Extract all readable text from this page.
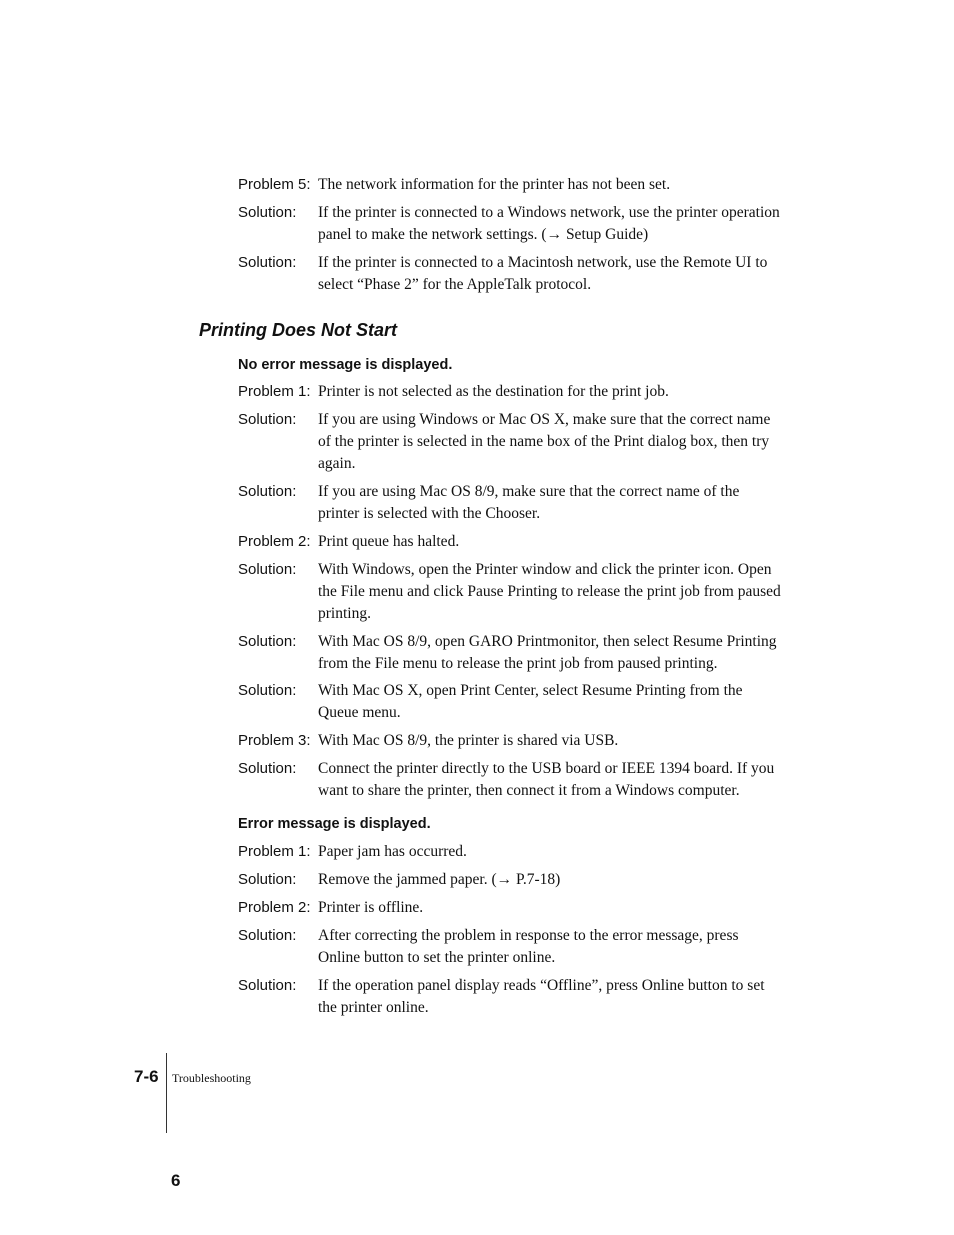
Problem 5: The network information for the printer has not been set.
Solution: If the printer is connected to a Windows network, use the printer operation panel to make the network settings. (→ Setup Guide)
Solution: If the printer is connected to a Macintosh network, use the Remote UI to select “Phase 2” for the AppleTalk protocol.
Printing Does Not Start
No error message is displayed.
Problem 1: Printer is not selected as the destination for the print job.
Solution: If you are using Windows or Mac OS X, make sure that the correct name of the printer is selected in the name box of the Print dialog box, then try again.
Solution: If you are using Mac OS 8/9, make sure that the correct name of the printer is selected with the Chooser.
Problem 2: Print queue has halted.
Solution: With Windows, open the Printer window and click the printer icon. Open the File menu and click Pause Printing to release the print job from paused printing.
Solution: With Mac OS 8/9, open GARO Printmonitor, then select Resume Printing from the File menu to release the print job from paused printing.
Solution: With Mac OS X, open Print Center, select Resume Printing from the Queue menu.
Problem 3: With Mac OS 8/9, the printer is shared via USB.
Solution: Connect the printer directly to the USB board or IEEE 1394 board. If you want to share the printer, then connect it from a Windows computer.
Error message is displayed.
Problem 1: Paper jam has occurred.
Solution: Remove the jammed paper. (→ P.7-18)
Problem 2: Printer is offline.
Solution: After correcting the problem in response to the error message, press Online button to set the printer online.
Solution: If the operation panel display reads “Offline”, press Online button to set the printer online.
7-6 Troubleshooting
6
